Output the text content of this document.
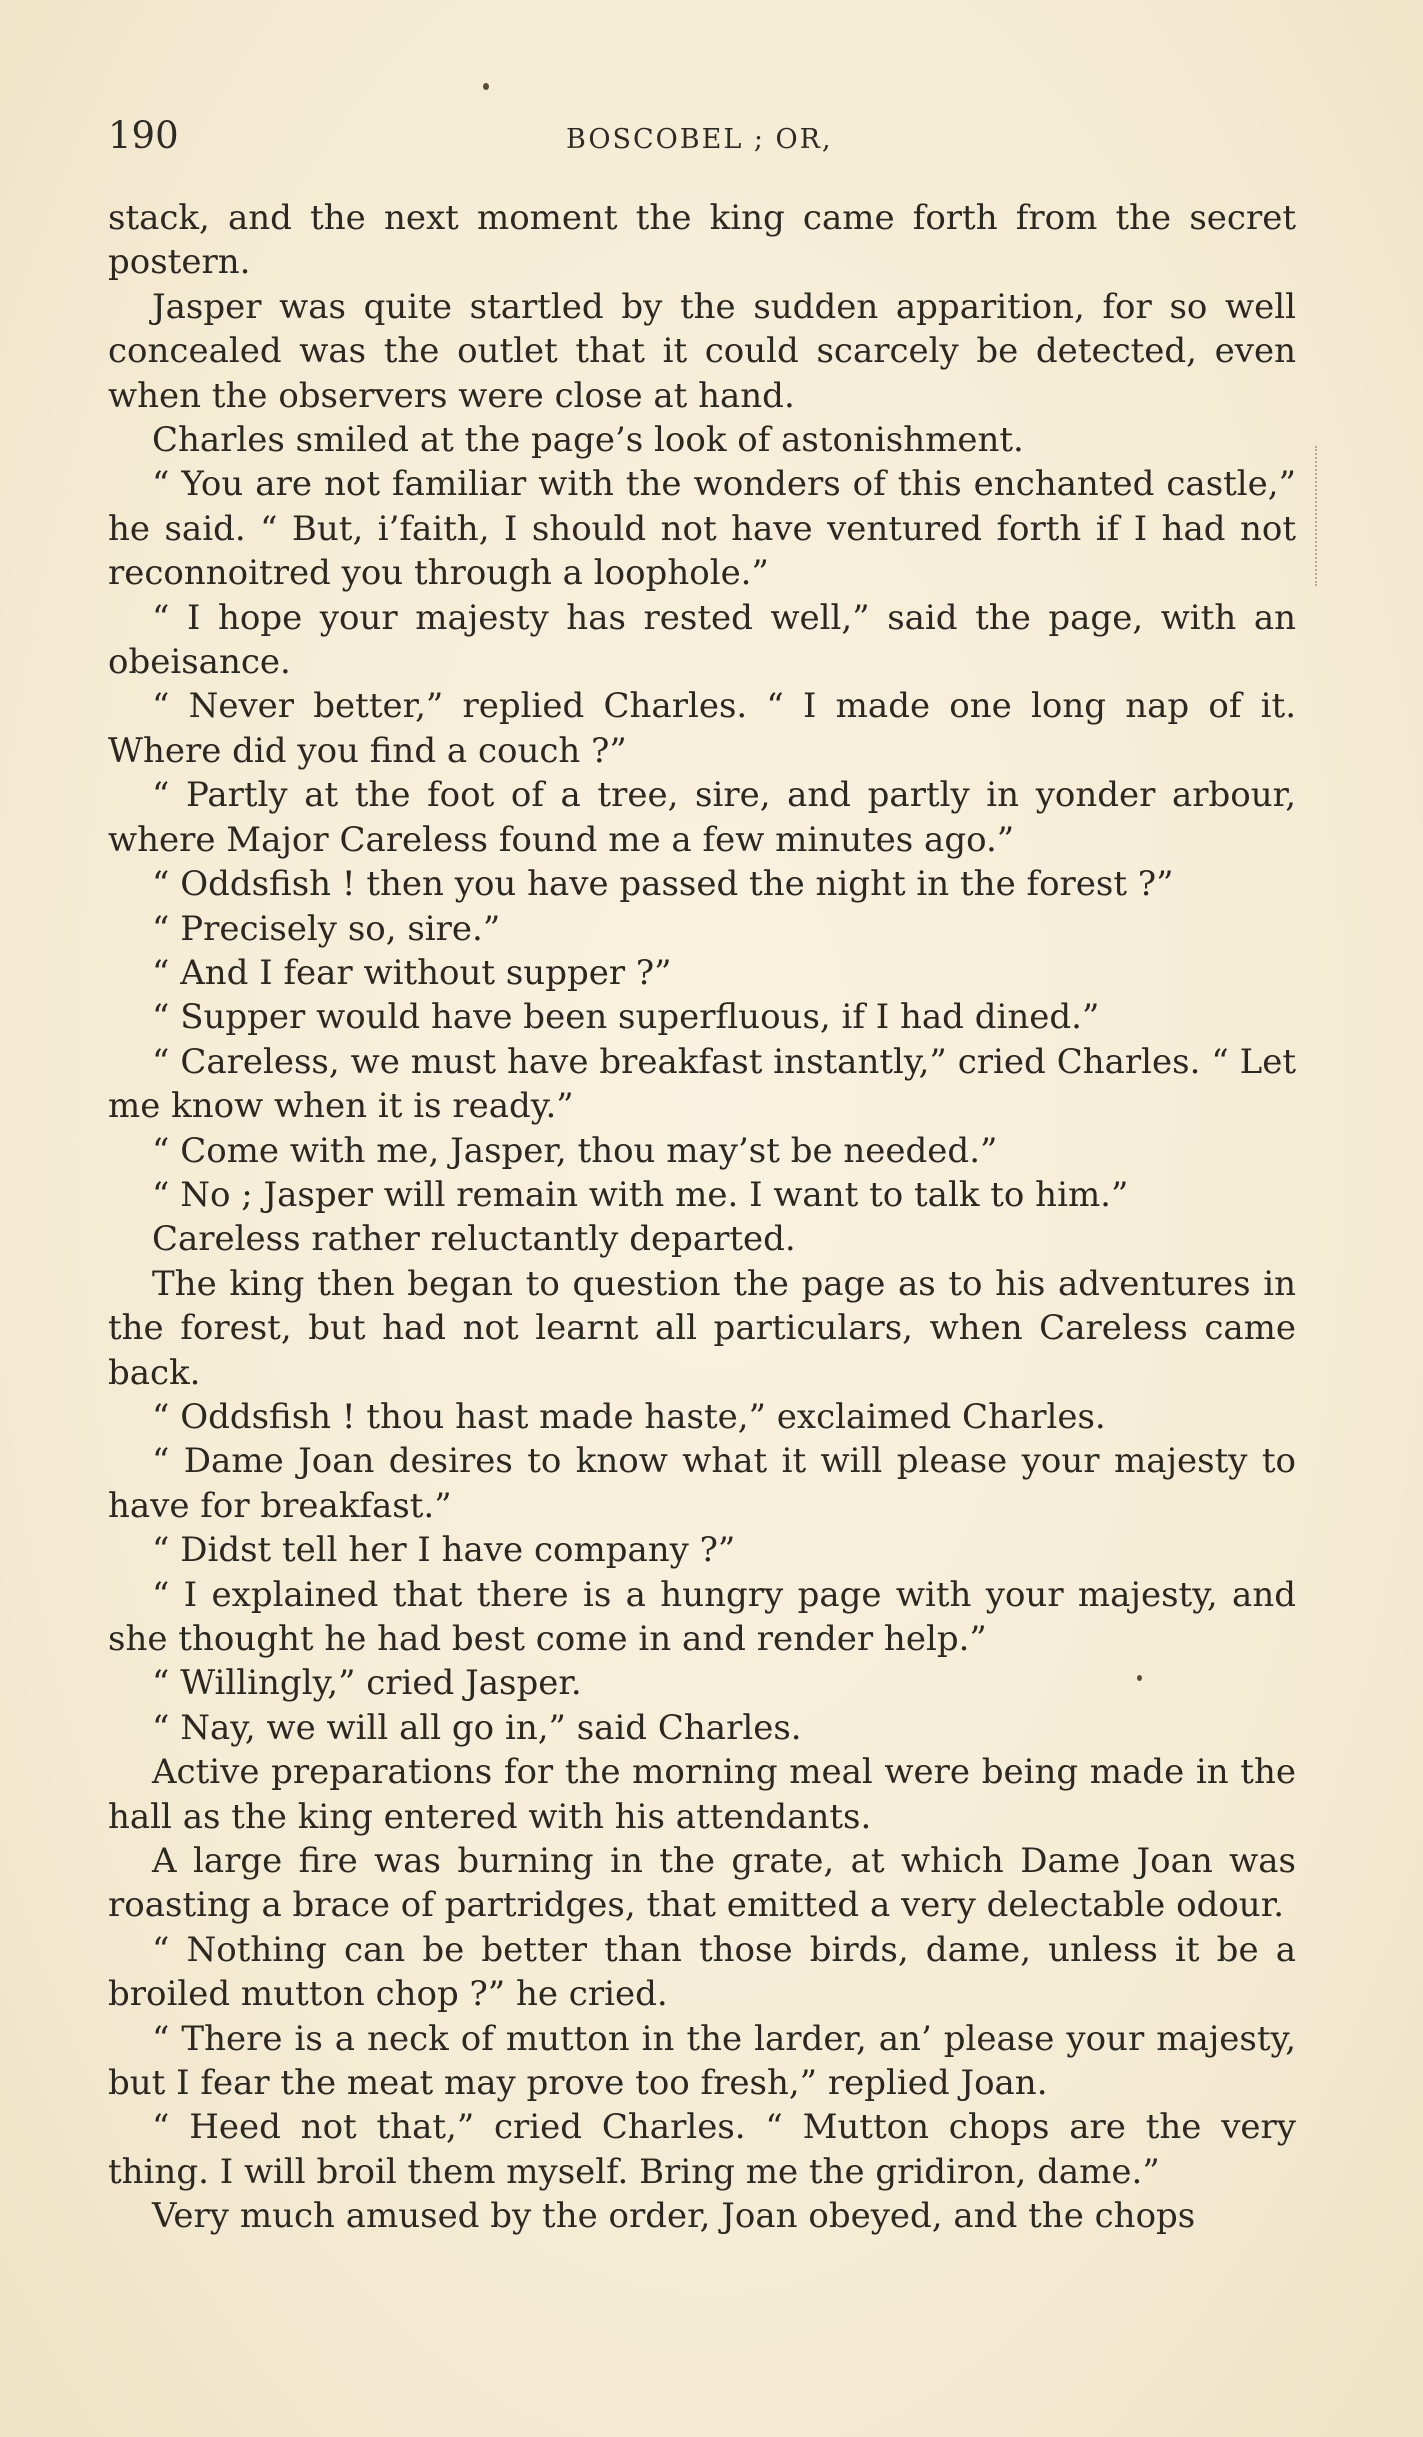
190	BOSCOBEL ; OR,

stack, and the next moment the king came forth from the secret postern.

Jasper was quite startled by the sudden apparition, for so well concealed was the outlet that it could scarcely be detected, even when the observers were close at hand.

Charles smiled at the page’s look of astonishment.

“ You are not familiar with the wonders of this enchanted castle,” he said. “ But, i’faith, I should not have ventured forth if I had not reconnoitred you through a loophole.”

“ I hope your majesty has rested well,” said the page, with an obeisance.

“ Never better,” replied Charles. “ I made one long nap of it. Where did you find a couch ?”

“ Partly at the foot of a tree, sire, and partly in yonder arbour, where Major Careless found me a few minutes ago.”

“ Oddsfish ! then you have passed the night in the forest ?”

“ Precisely so, sire.”

“ And I fear without supper ?”

“ Supper would have been superfluous, if I had dined.”

“ Careless, we must have breakfast instantly,” cried Charles. “ Let me know when it is ready.”

“ Come with me, Jasper, thou may’st be needed.”

“ No ; Jasper will remain with me. I want to talk to him.”

Careless rather reluctantly departed.

The king then began to question the page as to his adventures in the forest, but had not learnt all particulars, when Careless came back.

“ Oddsfish ! thou hast made haste,” exclaimed Charles.

“ Dame Joan desires to know what it will please your majesty to have for breakfast.”

“ Didst tell her I have company ?”

“ I explained that there is a hungry page with your majesty, and she thought he had best come in and render help.”

“ Willingly,” cried Jasper.

“ Nay, we will all go in,” said Charles.

Active preparations for the morning meal were being made in the hall as the king entered with his attendants.

A large fire was burning in the grate, at which Dame Joan was roasting a brace of partridges, that emitted a very delectable odour.

“ Nothing can be better than those birds, dame, unless it be a broiled mutton chop ?” he cried.

“ There is a neck of mutton in the larder, an’ please your majesty, but I fear the meat may prove too fresh,” replied Joan.

“ Heed not that,” cried Charles. “ Mutton chops are the very thing. I will broil them myself. Bring me the gridiron, dame.”

Very much amused by the order, Joan obeyed, and the chops
